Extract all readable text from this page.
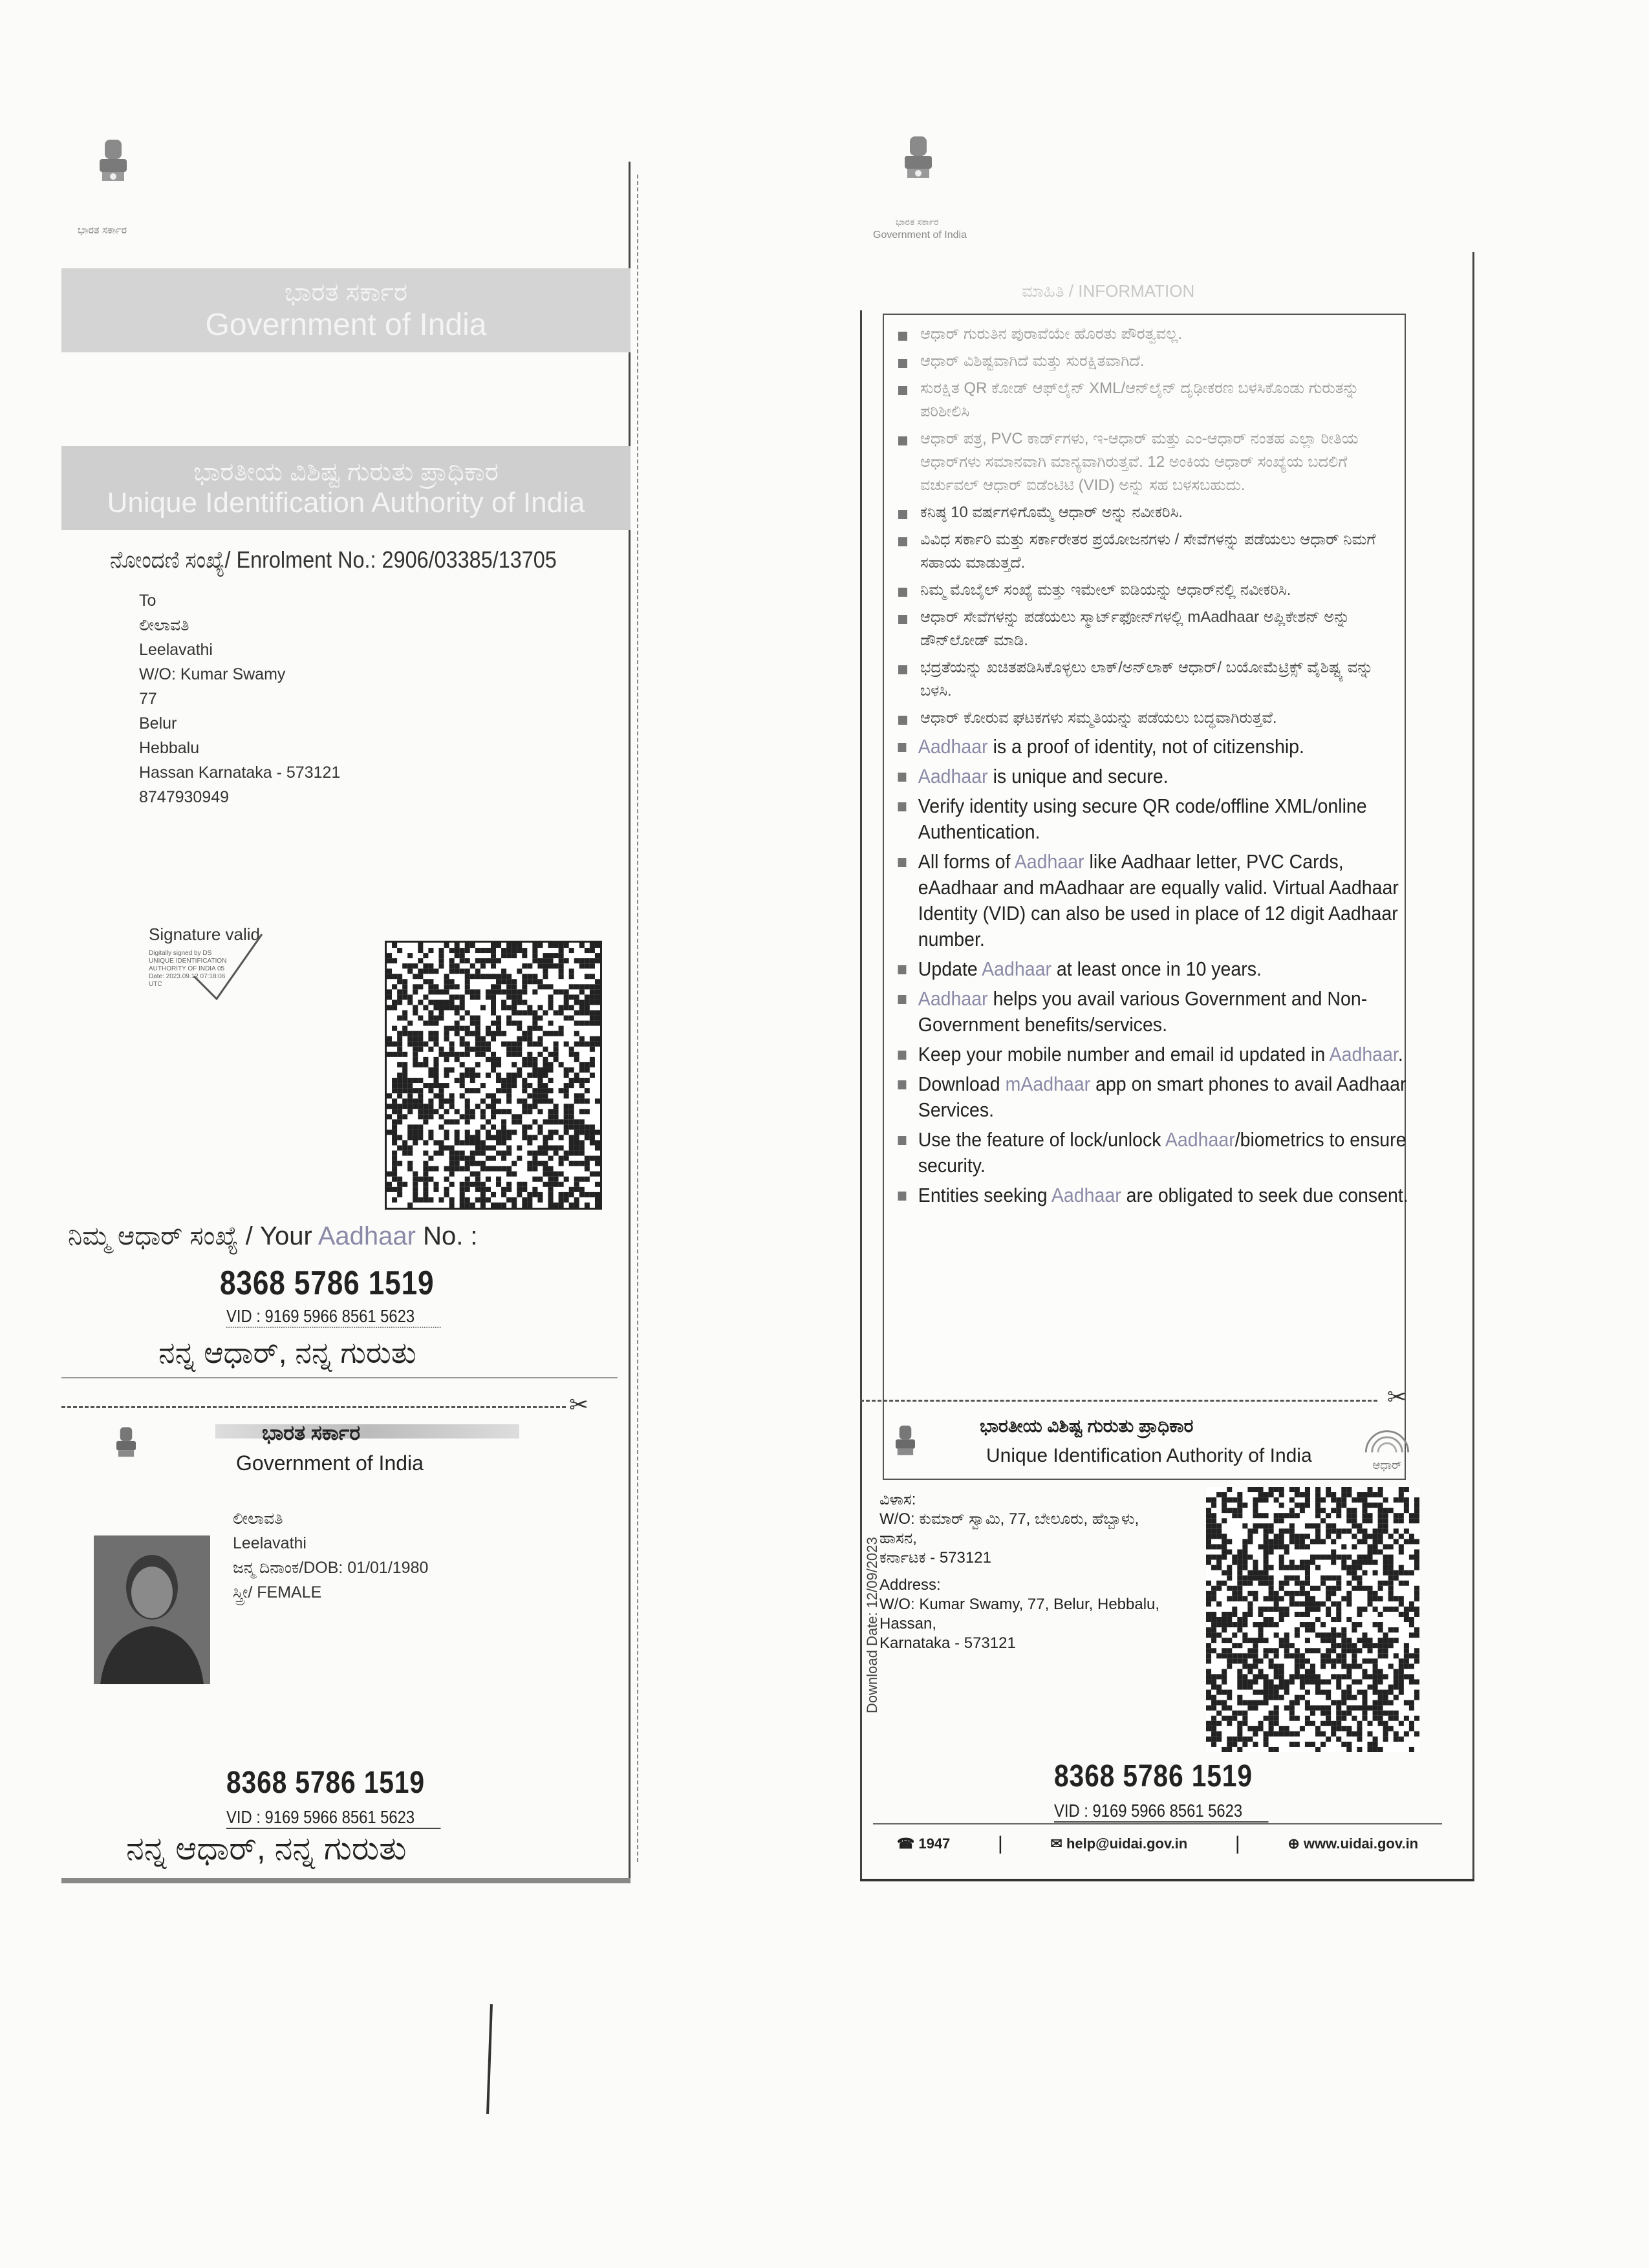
ಭಾರತ ಸರ್ಕಾರ
ಭಾರತ ಸರ್ಕಾರ
Government of India
ಭಾರತೀಯ ವಿಶಿಷ್ಟ ಗುರುತು ಪ್ರಾಧಿಕಾರ
Unique Identification Authority of India
ನೋಂದಣಿ ಸಂಖ್ಯೆ/ Enrolment No.: 2906/03385/13705
To
ಲೀಲಾವತಿ
Leelavathi
W/O: Kumar Swamy
77
Belur
Hebbalu
Hassan Karnataka - 573121
8747930949
Signature valid
Digitally signed by DS
UNIQUE IDENTIFICATION
AUTHORITY OF INDIA 05
Date: 2023.09.12 07:18:06
UTC
ನಿಮ್ಮ ಆಧಾರ್ ಸಂಖ್ಯೆ / Your Aadhaar No. :
8368 5786 1519
VID : 9169 5966 8561 5623
ನನ್ನ ಆಧಾರ್, ನನ್ನ ಗುರುತು
✂
ಭಾರತ ಸರ್ಕಾರ
Government of India
ಲೀಲಾವತಿ
Leelavathi
ಜನ್ಮ ದಿನಾಂಕ/DOB: 01/01/1980
ಸ್ತ್ರೀ/ FEMALE
8368 5786 1519
VID : 9169 5966 8561 5623
ನನ್ನ ಆಧಾರ್, ನನ್ನ ಗುರುತು
ಭಾರತ ಸರ್ಕಾರ
Government of India
ಮಾಹಿತಿ / INFORMATION
ಆಧಾರ್ ಗುರುತಿನ ಪುರಾವೆಯೇ ಹೊರತು ಪೌರತ್ವವಲ್ಲ.
ಆಧಾರ್ ವಿಶಿಷ್ಟವಾಗಿದೆ ಮತ್ತು ಸುರಕ್ಷಿತವಾಗಿದೆ.
ಸುರಕ್ಷಿತ QR ಕೋಡ್ ಆಫ್‌ಲೈನ್ XML/ಆನ್‌ಲೈನ್ ದೃಢೀಕರಣ ಬಳಸಿಕೊಂಡು ಗುರುತನ್ನು ಪರಿಶೀಲಿಸಿ
ಆಧಾರ್ ಪತ್ರ, PVC ಕಾರ್ಡ್‌ಗಳು, ಇ-ಆಧಾರ್ ಮತ್ತು ಎಂ-ಆಧಾರ್ ನಂತಹ ಎಲ್ಲಾ ರೀತಿಯ ಆಧಾರ್‌ಗಳು ಸಮಾನವಾಗಿ ಮಾನ್ಯವಾಗಿರುತ್ತವೆ. 12 ಅಂಕಿಯ ಆಧಾರ್ ಸಂಖ್ಯೆಯ ಬದಲಿಗೆ ವರ್ಚುವಲ್ ಆಧಾರ್ ಐಡೆಂಟಿಟಿ (VID) ಅನ್ನು ಸಹ ಬಳಸಬಹುದು.
ಕನಿಷ್ಠ 10 ವರ್ಷಗಳಿಗೊಮ್ಮೆ ಆಧಾರ್ ಅನ್ನು ನವೀಕರಿಸಿ.
ವಿವಿಧ ಸರ್ಕಾರಿ ಮತ್ತು ಸರ್ಕಾರೇತರ ಪ್ರಯೋಜನಗಳು / ಸೇವೆಗಳನ್ನು ಪಡೆಯಲು ಆಧಾರ್ ನಿಮಗೆ ಸಹಾಯ ಮಾಡುತ್ತದೆ.
ನಿಮ್ಮ ಮೊಬೈಲ್ ಸಂಖ್ಯೆ ಮತ್ತು ಇಮೇಲ್ ಐಡಿಯನ್ನು ಆಧಾರ್‌ನಲ್ಲಿ ನವೀಕರಿಸಿ.
ಆಧಾರ್ ಸೇವೆಗಳನ್ನು ಪಡೆಯಲು ಸ್ಮಾರ್ಟ್‌ಫೋನ್‌ಗಳಲ್ಲಿ mAadhaar ಅಪ್ಲಿಕೇಶನ್ ಅನ್ನು ಡೌನ್‌ಲೋಡ್ ಮಾಡಿ.
ಭದ್ರತೆಯನ್ನು ಖಚಿತಪಡಿಸಿಕೊಳ್ಳಲು ಲಾಕ್/ಅನ್‌ಲಾಕ್ ಆಧಾರ್/ ಬಯೋಮೆಟ್ರಿಕ್ಸ್ ವೈಶಿಷ್ಟ್ಯ ವನ್ನು ಬಳಸಿ.
ಆಧಾರ್ ಕೋರುವ ಘಟಕಗಳು ಸಮ್ಮತಿಯನ್ನು ಪಡೆಯಲು ಬದ್ಧವಾಗಿರುತ್ತವೆ.
Aadhaar is a proof of identity, not of citizenship.
Aadhaar is unique and secure.
Verify identity using secure QR code/offline XML/online Authentication.
All forms of Aadhaar like Aadhaar letter, PVC Cards, eAadhaar and mAadhaar are equally valid. Virtual Aadhaar Identity (VID) can also be used in place of 12 digit Aadhaar number.
Update Aadhaar at least once in 10 years.
Aadhaar helps you avail various Government and Non-Government benefits/services.
Keep your mobile number and email id updated in Aadhaar.
Download mAadhaar app on smart phones to avail Aadhaar Services.
Use the feature of lock/unlock Aadhaar/biometrics to ensure security.
Entities seeking Aadhaar are obligated to seek due consent.
✂
ಭಾರತೀಯ ವಿಶಿಷ್ಟ ಗುರುತು ಪ್ರಾಧಿಕಾರ
Unique Identification Authority of India	ಆಧಾರ್
ವಿಳಾಸ:
W/O: ಕುಮಾರ್ ಸ್ವಾಮಿ, 77, ಬೇಲೂರು, ಹೆಬ್ಬಾಳು,
ಹಾಸನ,
ಕರ್ನಾಟಕ - 573121
Address:
W/O: Kumar Swamy, 77, Belur, Hebbalu,
Hassan,
Karnataka - 573121
Download Date: 12/09/2023
8368 5786 1519
VID : 9169 5966 8561 5623
☎ 1947 |	✉ help@uidai.gov.in |	⊕ www.uidai.gov.in
